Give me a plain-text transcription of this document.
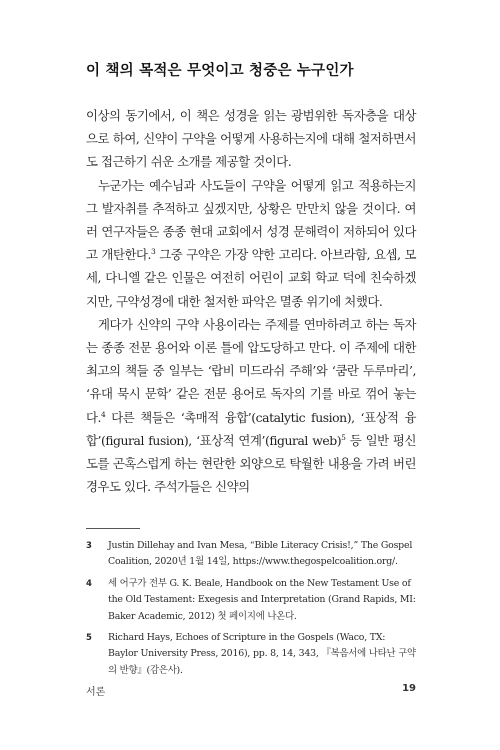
이 책의 목적은 무엇이고 청중은 누구인가

이상의 동기에서, 이 책은 성경을 읽는 광범위한 독자층을 대상으로 하여, 신약이 구약을 어떻게 사용하는지에 대해 철저하면서도 접근하기 쉬운 소개를 제공할 것이다.

누군가는 예수님과 사도들이 구약을 어떻게 읽고 적용하는지 그 발자취를 추적하고 싶겠지만, 상황은 만만치 않을 것이다. 여러 연구자들은 종종 현대 교회에서 성경 문해력이 저하되어 있다고 개탄한다.$^3$ 그중 구약은 가장 약한 고리다. 아브라함, 요셉, 모세, 다니엘 같은 인물은 여전히 어린이 교회 학교 덕에 친숙하겠지만, 구약성경에 대한 철저한 파악은 멸종 위기에 처했다.

게다가 신약의 구약 사용이라는 주제를 연마하려고 하는 독자는 종종 전문 용어와 이론 틀에 압도당하고 만다. 이 주제에 대한 최고의 책들 중 일부는 ‘랍비 미드라쉬 주해’와 ‘쿰란 두루마리’, ‘유대 묵시 문학’ 같은 전문 용어로 독자의 기를 바로 꺾어 놓는다.$^4$ 다른 책들은 ‘촉매적 융합’(catalytic fusion), ‘표상적 융합’(figural fusion), ‘표상적 연계’(figural web)$^5$ 등 일반 평신도를 곤혹스럽게 하는 현란한 외양으로 탁월한 내용을 가려 버린 경우도 있다. 주석가들은 신약의

3 Justin Dillehay and Ivan Mesa, “Bible Literacy Crisis!,” The Gospel Coalition, 2020년 1월 14일, https://www.thegospelcoalition.org/.
4 세 어구가 전부 G. K. Beale, Handbook on the New Testament Use of the Old Testament: Exegesis and Interpretation (Grand Rapids, MI: Baker Academic, 2012) 첫 페이지에 나온다.
5 Richard Hays, Echoes of Scripture in the Gospels (Waco, TX: Baylor University Press, 2016), pp. 8, 14, 343, 『복음서에 나타난 구약의 반향』(감은사).
서론	19
